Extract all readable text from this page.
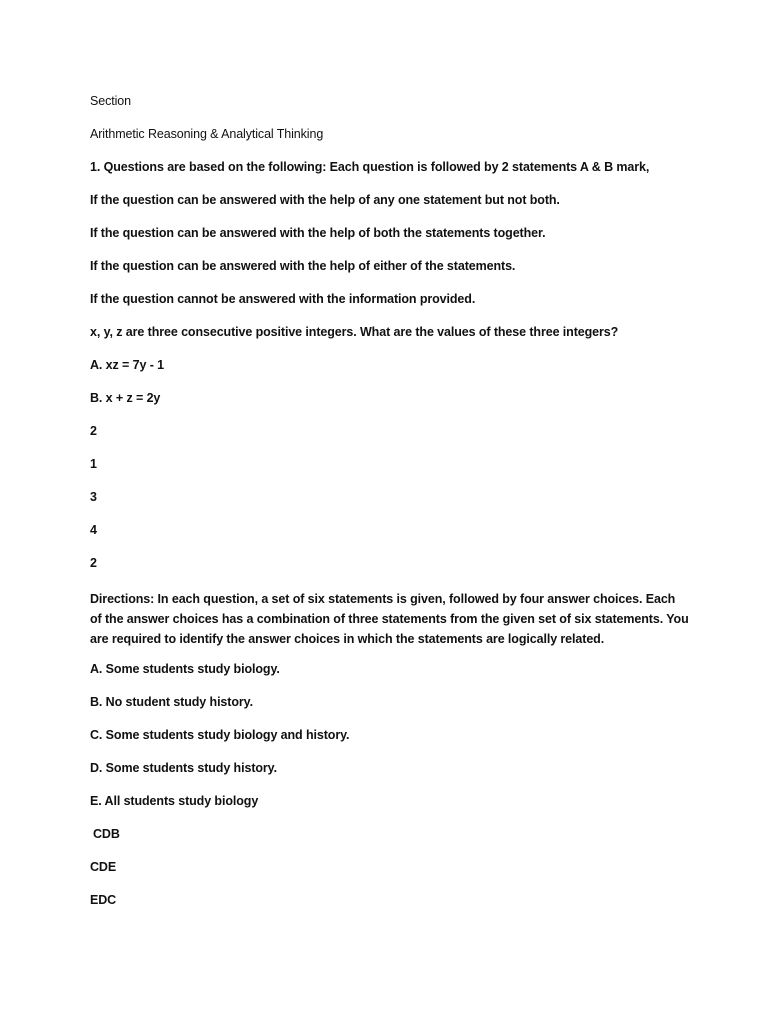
Section

Arithmetic Reasoning & Analytical Thinking

1. Questions are based on the following: Each question is followed by 2 statements A & B mark,

If the question can be answered with the help of any one statement but not both.

If the question can be answered with the help of both the statements together.

If the question can be answered with the help of either of the statements.

If the question cannot be answered with the information provided.

x, y, z are three consecutive positive integers. What are the values of these three integers?

A. xz = 7y - 1

B. x + z = 2y

2

1

3

4

2

Directions: In each question, a set of six statements is given, followed by four answer choices. Each of the answer choices has a combination of three statements from the given set of six statements. You are required to identify the answer choices in which the statements are logically related.

A. Some students study biology.

B. No student study history.

C. Some students study biology and history.

D. Some students study history.

E. All students study biology

CDB

CDE

EDC
